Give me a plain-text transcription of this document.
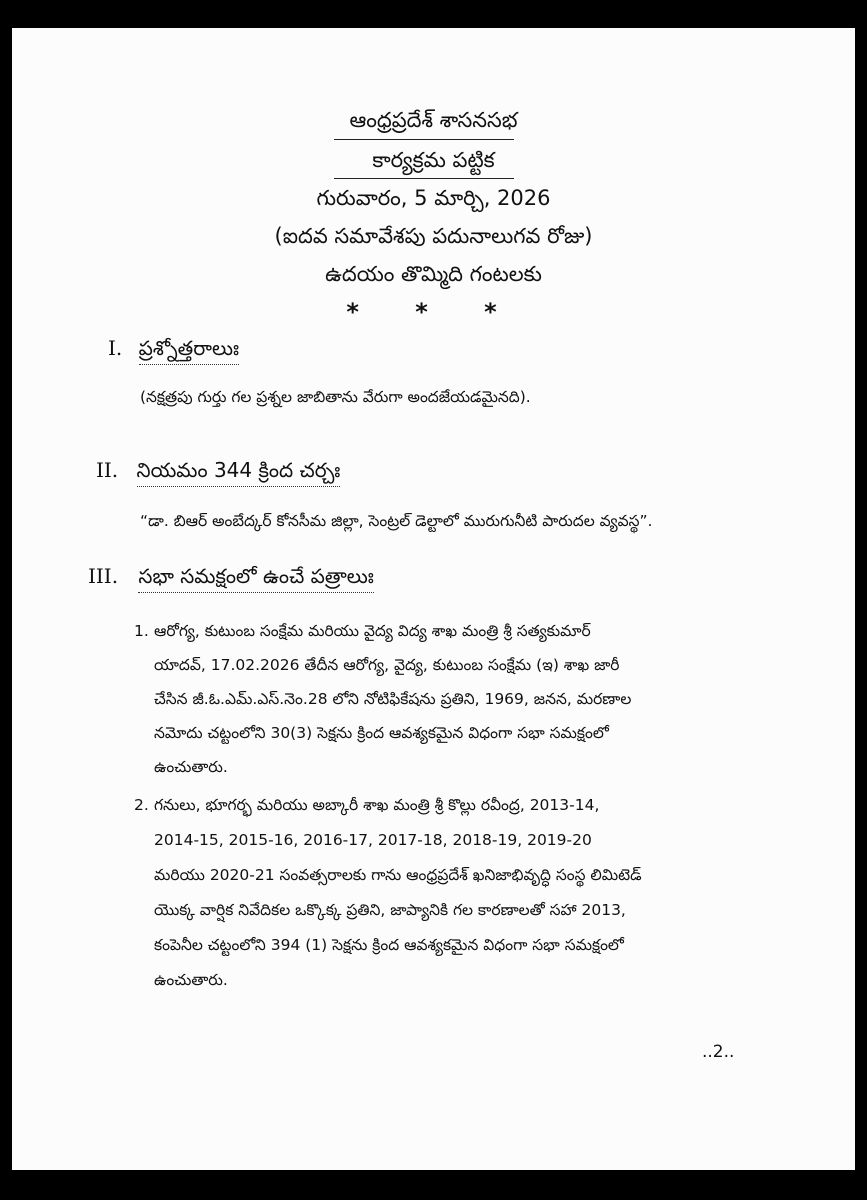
ఆంధ్రప్రదేశ్ శాసనసభ
కార్యక్రమ పట్టిక
గురువారం, 5 మార్చి, 2026
(ఐదవ సమావేశపు పదునాలుగవ రోజు)
ఉదయం తొమ్మిది గంటలకు
* * *
I. ప్రశ్నోత్తరాలుః
(నక్షత్రపు గుర్తు గల ప్రశ్నల జాబితాను వేరుగా అందజేయడమైనది).
II. నియమం 344 క్రింద చర్చః
“డా. బిఆర్ అంబేద్కర్ కోనసీమ జిల్లా, సెంట్రల్ డెల్టాలో మురుగునీటి పారుదల వ్యవస్థ”.
III. సభా సమక్షంలో ఉంచే పత్రాలుః
1. ఆరోగ్య, కుటుంబ సంక్షేమ మరియు వైద్య విద్య శాఖ మంత్రి శ్రీ సత్యకుమార్
యాదవ్, 17.02.2026 తేదీన ఆరోగ్య, వైద్య, కుటుంబ సంక్షేమ (ఇ) శాఖ జారీ
చేసిన జీ.ఓ.ఎమ్.ఎస్.నెం.28 లోని నోటిఫికేషను ప్రతిని, 1969, జనన, మరణాల
నమోదు చట్టంలోని 30(3) సెక్షను క్రింద ఆవశ్యకమైన విధంగా సభా సమక్షంలో
ఉంచుతారు.
2. గనులు, భూగర్భ మరియు అబ్కారీ శాఖ మంత్రి శ్రీ కొల్లు రవీంద్ర, 2013-14,
2014-15, 2015-16, 2016-17, 2017-18, 2018-19, 2019-20
మరియు 2020-21 సంవత్సరాలకు గాను ఆంధ్రప్రదేశ్ ఖనిజాభివృద్ధి సంస్థ లిమిటెడ్
యొక్క వార్షిక నివేదికల ఒక్కొక్క ప్రతిని, జాప్యానికి గల కారణాలతో సహా 2013,
కంపెనీల చట్టంలోని 394 (1) సెక్షను క్రింద ఆవశ్యకమైన విధంగా సభా సమక్షంలో
ఉంచుతారు.
..2..
